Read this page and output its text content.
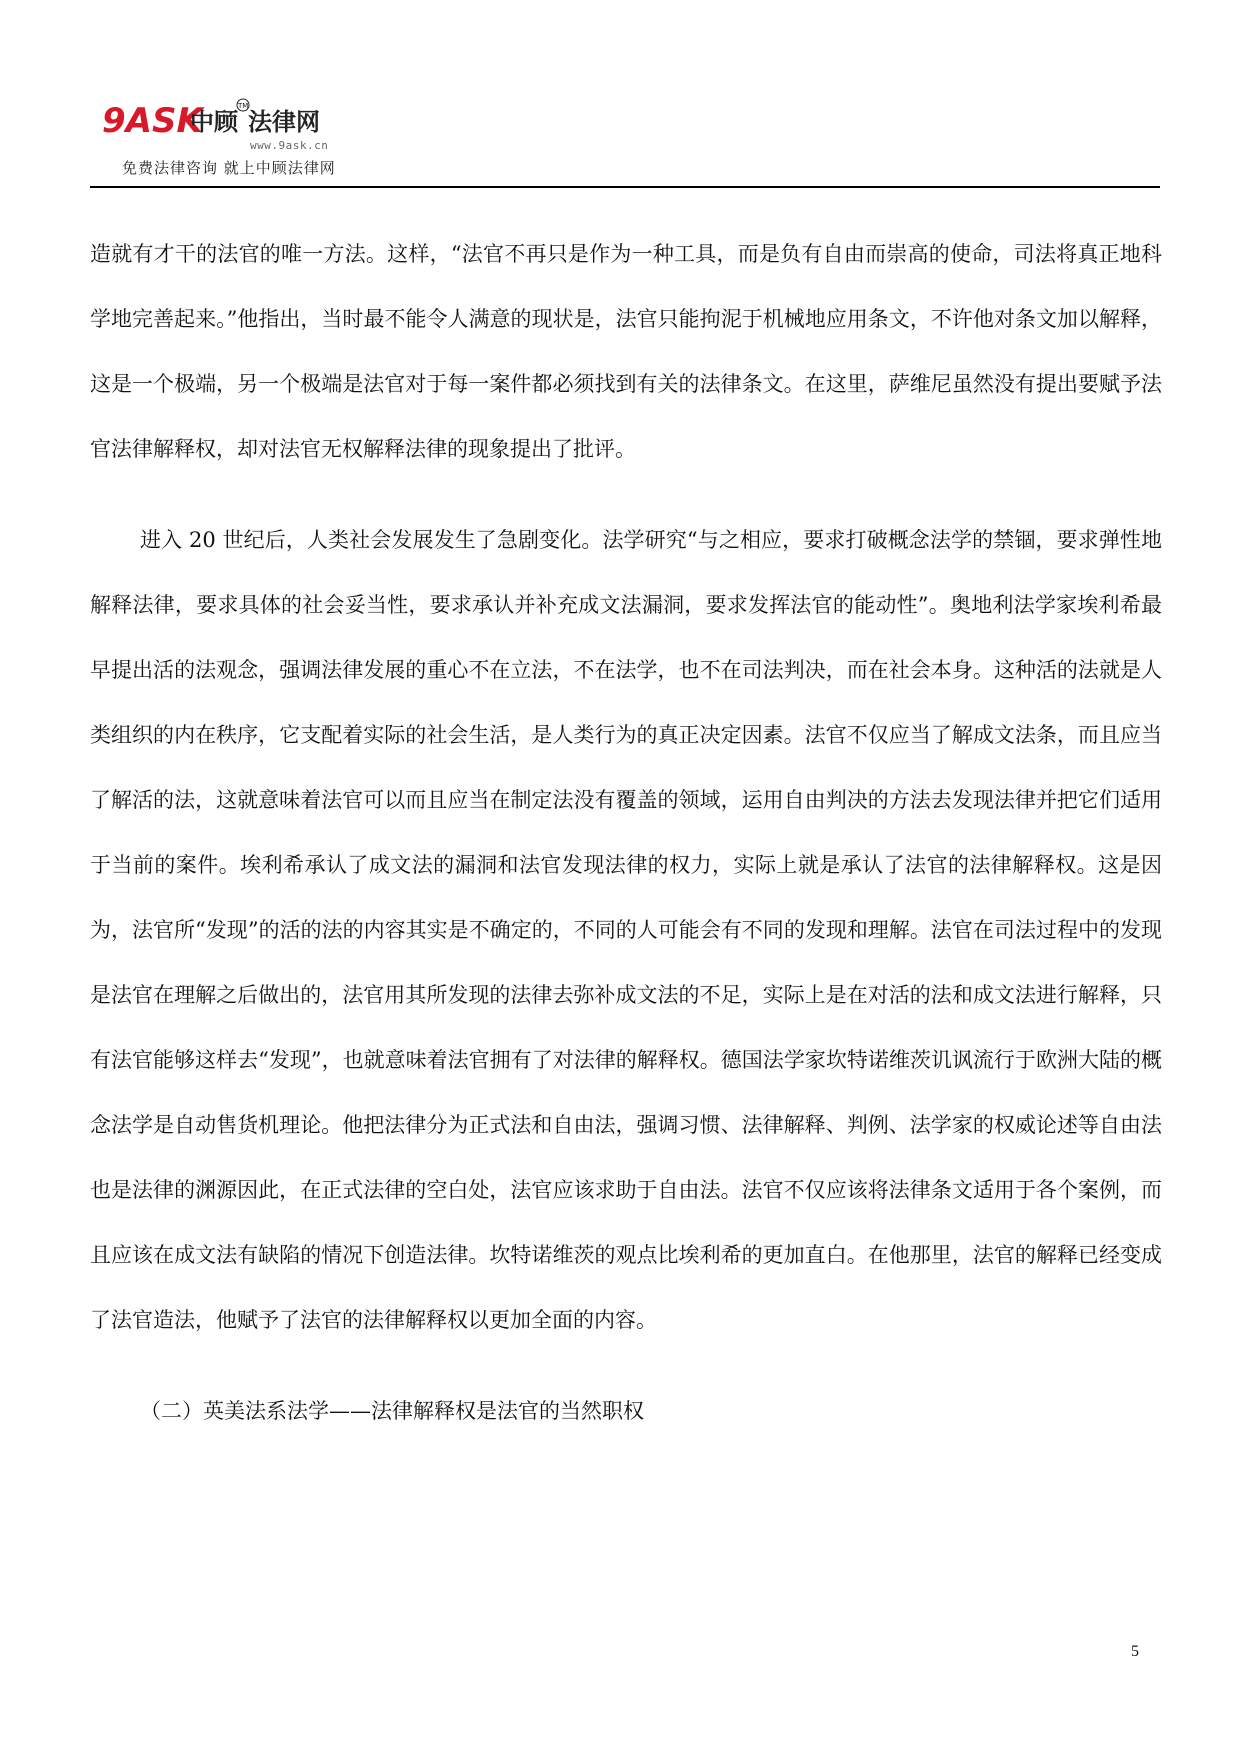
9ASK
中顾 法律网
TM
www.9ask.cn
免费法律咨询 就上中顾法律网

造就有才干的法官的唯一方法。这样，“法官不再只是作为一种工具，而是负有自由而崇高的使命，司法将真正地科学地完善起来。”他指出，当时最不能令人满意的现状是，法官只能拘泥于机械地应用条文，不许他对条文加以解释，这是一个极端，另一个极端是法官对于每一案件都必须找到有关的法律条文。在这里，萨维尼虽然没有提出要赋予法官法律解释权，却对法官无权解释法律的现象提出了批评。

进入 20 世纪后，人类社会发展发生了急剧变化。法学研究“与之相应，要求打破概念法学的禁锢，要求弹性地解释法律，要求具体的社会妥当性，要求承认并补充成文法漏洞，要求发挥法官的能动性”。奥地利法学家埃利希最早提出活的法观念，强调法律发展的重心不在立法，不在法学，也不在司法判决，而在社会本身。这种活的法就是人类组织的内在秩序，它支配着实际的社会生活，是人类行为的真正决定因素。法官不仅应当了解成文法条，而且应当了解活的法，这就意味着法官可以而且应当在制定法没有覆盖的领域，运用自由判决的方法去发现法律并把它们适用于当前的案件。埃利希承认了成文法的漏洞和法官发现法律的权力，实际上就是承认了法官的法律解释权。这是因为，法官所“发现”的活的法的内容其实是不确定的，不同的人可能会有不同的发现和理解。法官在司法过程中的发现是法官在理解之后做出的，法官用其所发现的法律去弥补成文法的不足，实际上是在对活的法和成文法进行解释，只有法官能够这样去“发现”，也就意味着法官拥有了对法律的解释权。德国法学家坎特诺维茨讥讽流行于欧洲大陆的概念法学是自动售货机理论。他把法律分为正式法和自由法，强调习惯、法律解释、判例、法学家的权威论述等自由法也是法律的渊源因此，在正式法律的空白处，法官应该求助于自由法。法官不仅应该将法律条文适用于各个案例，而且应该在成文法有缺陷的情况下创造法律。坎特诺维茨的观点比埃利希的更加直白。在他那里，法官的解释已经变成了法官造法，他赋予了法官的法律解释权以更加全面的内容。

（二）英美法系法学——法律解释权是法官的当然职权

5
